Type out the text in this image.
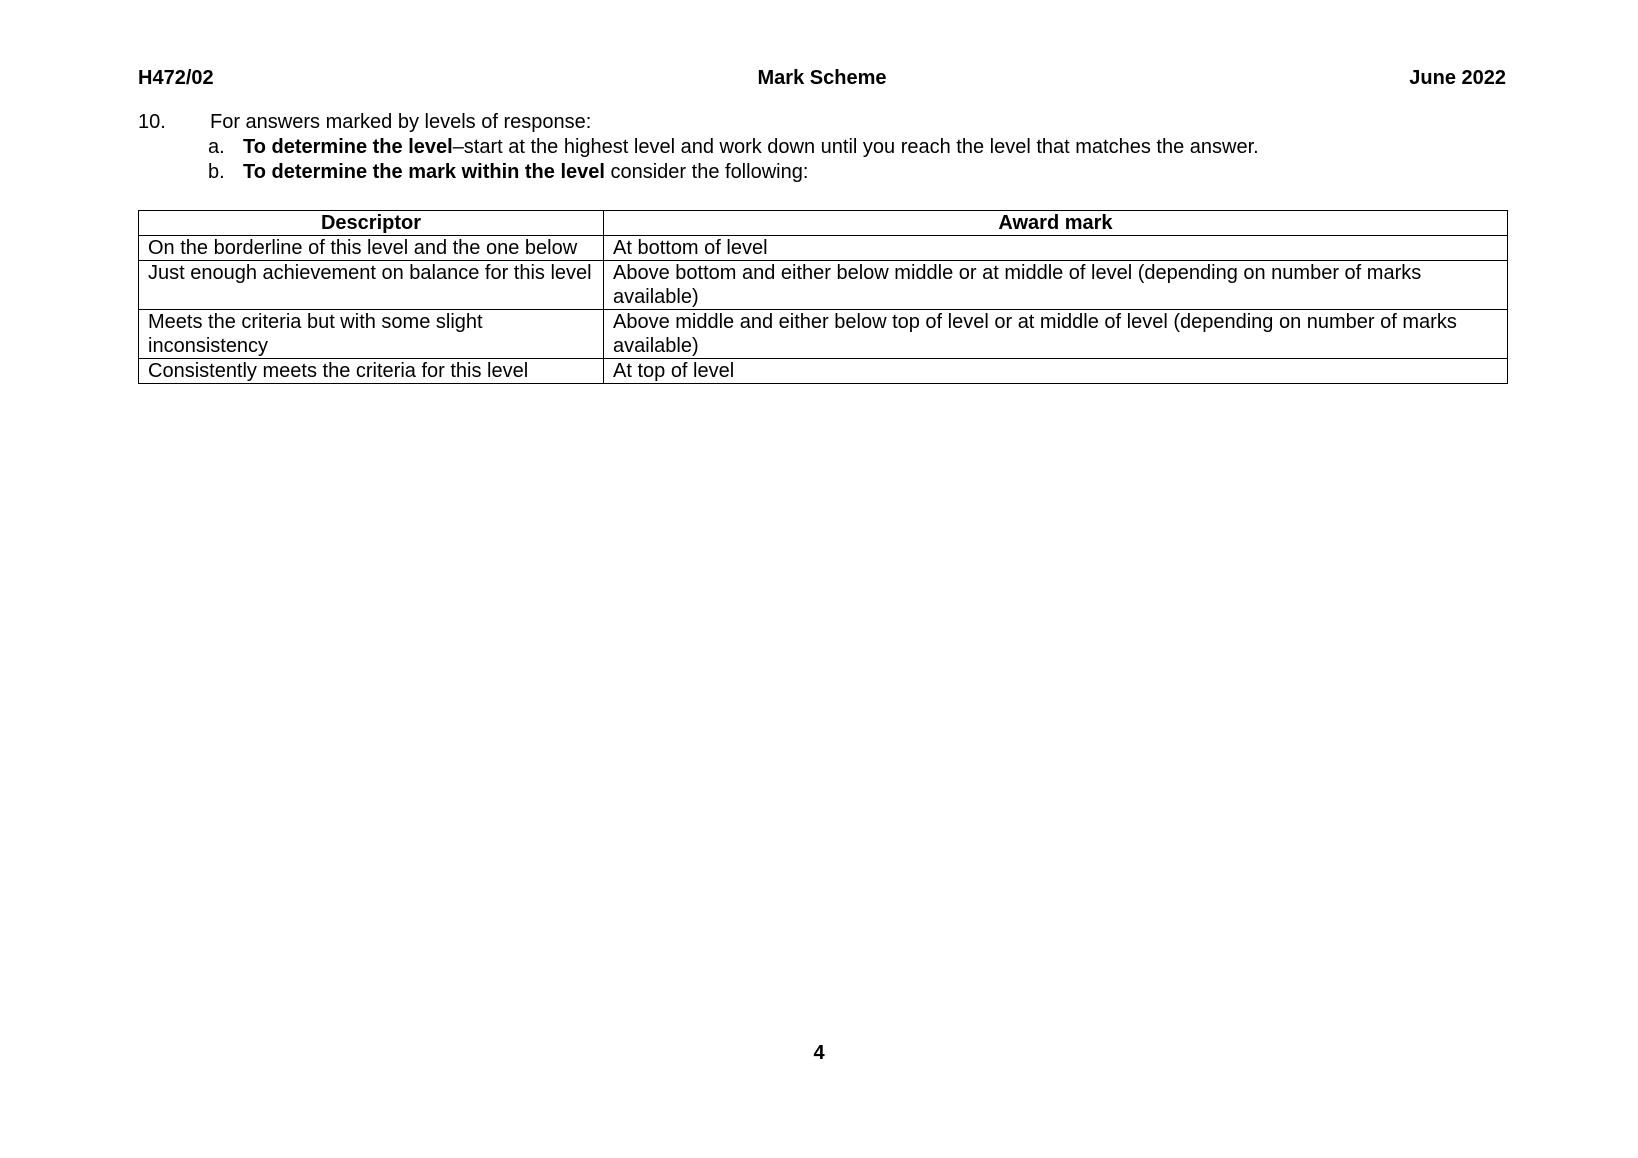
H472/02	Mark Scheme	June 2022
10. For answers marked by levels of response:
a. To determine the level–start at the highest level and work down until you reach the level that matches the answer.
b. To determine the mark within the level consider the following:
Descriptor	Award mark
On the borderline of this level and the one below	At bottom of level
Just enough achievement on balance for this level	Above bottom and either below middle or at middle of level (depending on number of marks available)
Meets the criteria but with some slight inconsistency	Above middle and either below top of level or at middle of level (depending on number of marks available)
Consistently meets the criteria for this level	At top of level
4
